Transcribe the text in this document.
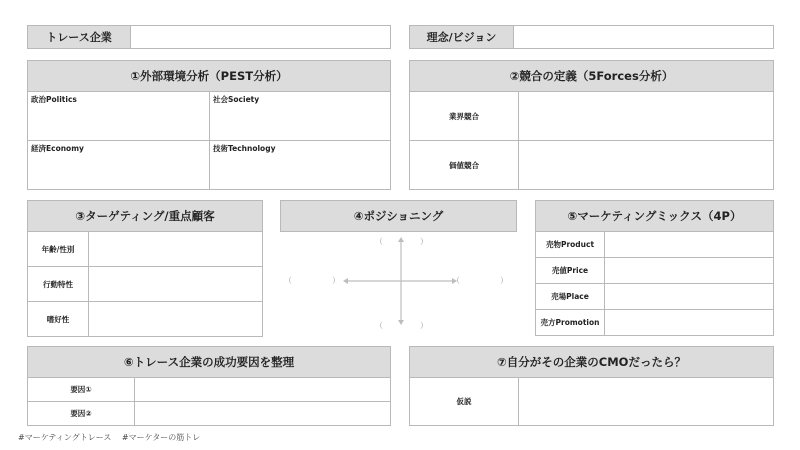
トレース企業	理念/ビジョン
①外部環境分析（PEST分析）
政治Politics	社会Society
経済Economy	技術Technology
②競合の定義（5Forces分析）
業界競合
価値競合
③ターゲティング/重点顧客
年齢/性別
行動特性
嗜好性
④ポジショニング
（	）
（	）	（	）
（	）
⑤マーケティングミックス（4P）
売物Product
売値Price
売場Place
売方Promotion
⑥トレース企業の成功要因を整理
要因①
要因②
⑦自分がその企業のCMOだったら？
仮説
#マーケティングトレース #マーケターの筋トレ
